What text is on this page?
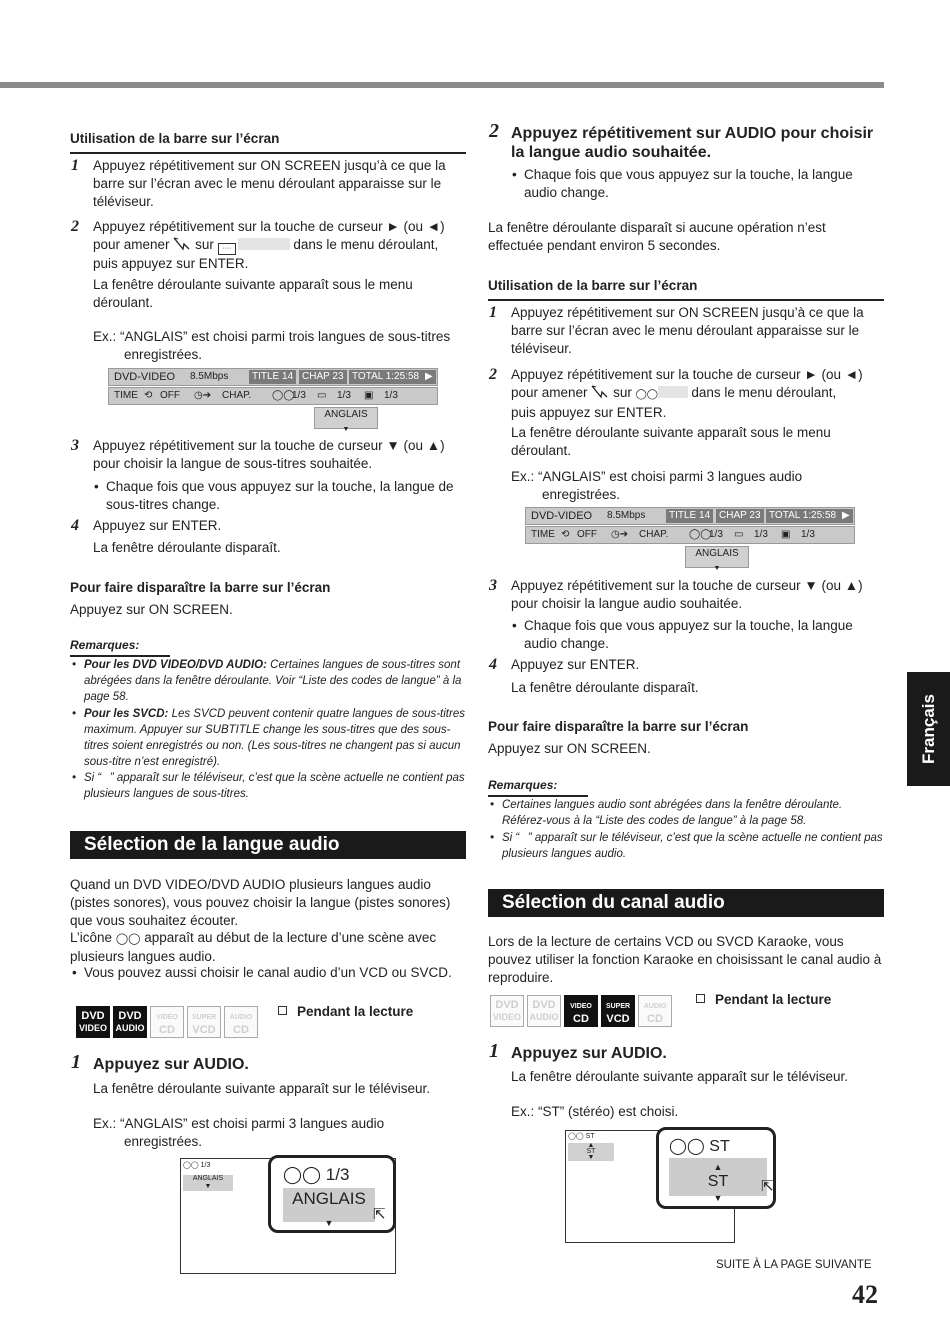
Utilisation de la barre sur l’écran
1 Appuyez répétitivement sur ON SCREEN jusqu’à ce que la barre sur l’écran avec le menu déroulant apparaisse sur le téléviseur.
2 Appuyez répétitivement sur la touche de curseur ► (ou ◄) pour amener sur ····	dans le menu déroulant,
puis appuyez sur ENTER.
La fenêtre déroulante suivante apparaît sous le menu déroulant.
Ex.: “ANGLAIS” est choisi parmi trois langues de sous-titres enregistrées.
DVD-VIDEO	8.5Mbps	TITLE 14 CHAP 23 TOTAL 1:25:58 ▶
TIME ⟲ OFF	◷➔	CHAP.	◯◯
1/3	▭	1/3	▣	1/3
ANGLAIS
▼
3 Appuyez répétitivement sur la touche de curseur ▼ (ou ▲) pour choisir la langue de sous-titres souhaitée.
• Chaque fois que vous appuyez sur la touche, la langue de sous-titres change.
4 Appuyez sur ENTER.
La fenêtre déroulante disparaît.
Pour faire disparaître la barre sur l’écran
Appuyez sur ON SCREEN.
Remarques:
• Pour les DVD VIDEO/DVD AUDIO: Certaines langues de sous-titres sont abrégées dans la fenêtre déroulante. Voir “Liste des codes de langue” à la page 58.
• Pour les SVCD: Les SVCD peuvent contenir quatre langues de sous-titres maximum. Appuyer sur SUBTITLE change les sous-titres que des sous-titres soient enregistrés ou non. (Les sous-titres ne changent pas si aucun sous-titre n’est enregistré).
• Si “⃠” apparaît sur le téléviseur, c’est que la scène actuelle ne contient pas plusieurs langues de sous-titres.
Sélection de la langue audio
Quand un DVD VIDEO/DVD AUDIO plusieurs langues audio (pistes sonores), vous pouvez choisir la langue (pistes sonores) que vous souhaitez écouter.
L’icône ◯◯ apparaît au début de la lecture d’une scène avec plusieurs langues audio.
• Vous pouvez aussi choisir le canal audio d’un VCD ou SVCD.
DVD
VIDEO
DVD
AUDIO
VIDEO
CD
SUPER
VCD
AUDIO
CD
Pendant la lecture
1 Appuyez sur AUDIO.
La fenêtre déroulante suivante apparaît sur le téléviseur.
Ex.: “ANGLAIS” est choisi parmi 3 langues audio enregistrées.
◯◯ 1/3
ANGLAIS
▼
◯◯ 1/3
ANGLAIS
▼	⇱
2 Appuyez répétitivement sur AUDIO pour choisir la langue audio souhaitée.
• Chaque fois que vous appuyez sur la touche, la langue audio change.
La fenêtre déroulante disparaît si aucune opération n’est effectuée pendant environ 5 secondes.
Utilisation de la barre sur l’écran
1 Appuyez répétitivement sur ON SCREEN jusqu’à ce que la barre sur l’écran avec le menu déroulant apparaisse sur le téléviseur.
2 Appuyez répétitivement sur la touche de curseur ► (ou ◄) pour amener sur ◯◯ dans le menu déroulant,
puis appuyez sur ENTER.
La fenêtre déroulante suivante apparaît sous le menu déroulant.
Ex.: “ANGLAIS” est choisi parmi 3 langues audio enregistrées.
DVD-VIDEO	8.5Mbps	TITLE 14 CHAP 23 TOTAL 1:25:58 ▶
TIME ⟲ OFF	◷➔	CHAP.	◯◯
1/3	▭	1/3	▣	1/3
ANGLAIS
▼
3 Appuyez répétitivement sur la touche de curseur ▼ (ou ▲) pour choisir la langue audio souhaitée.
• Chaque fois que vous appuyez sur la touche, la langue audio change.
4 Appuyez sur ENTER.
La fenêtre déroulante disparaît.
Pour faire disparaître la barre sur l’écran
Appuyez sur ON SCREEN.
Remarques:
• Certaines langues audio sont abrégées dans la fenêtre déroulante. Référez-vous à la “Liste des codes de langue” à la page 58.
• Si “⃠” apparaît sur le téléviseur, c’est que la scène actuelle ne contient pas plusieurs langues audio.
Sélection du canal audio
Lors de la lecture de certains VCD ou SVCD Karaoke, vous pouvez utiliser la fonction Karaoke en choisissant le canal audio à reproduire.
DVD
VIDEO
DVD
AUDIO
VIDEO
CD
SUPER
VCD
AUDIO
CD
Pendant la lecture
1 Appuyez sur AUDIO.
La fenêtre déroulante suivante apparaît sur le téléviseur.
Ex.: “ST” (stéréo) est choisi.
◯◯ ST
▲
ST
▼
◯◯ ST
▲
ST
▼
⇱
Français
SUITE À LA PAGE SUIVANTE
42
